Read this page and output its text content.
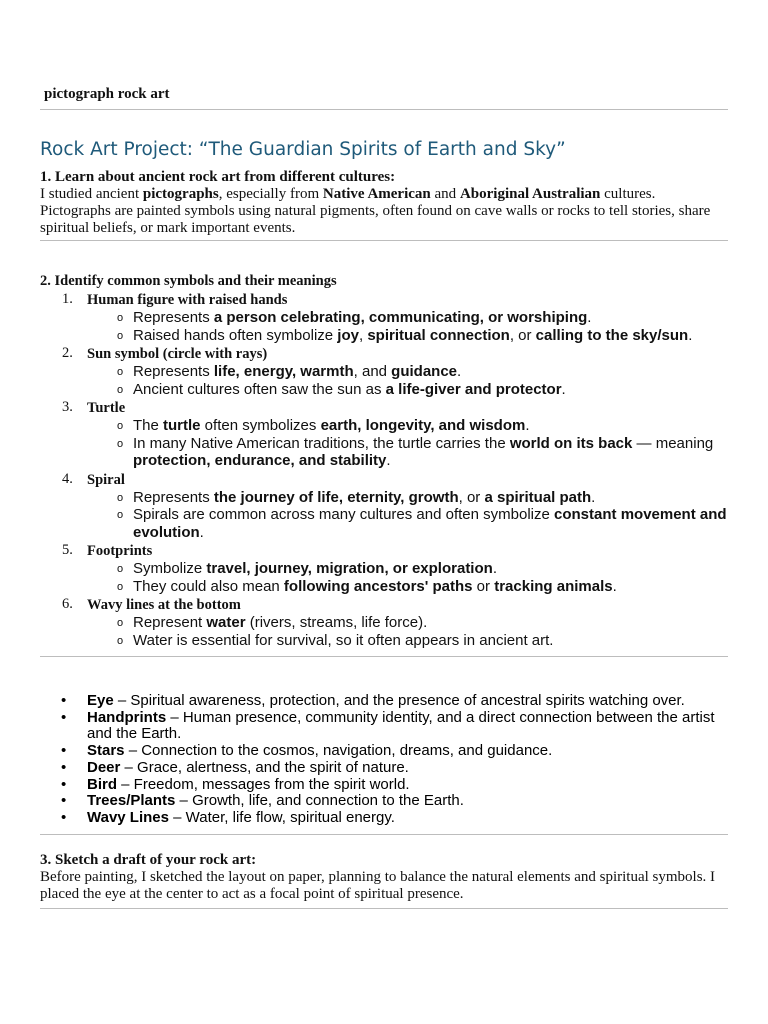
pictograph rock art
Rock Art Project: “The Guardian Spirits of Earth and Sky”
1. Learn about ancient rock art from different cultures:
I studied ancient pictographs, especially from Native American and Aboriginal Australian cultures.
Pictographs are painted symbols using natural pigments, often found on cave walls or rocks to tell stories, share spiritual beliefs, or mark important events.
2. Identify common symbols and their meanings
1. Human figure with raised hands
o Represents a person celebrating, communicating, or worshiping.
o Raised hands often symbolize joy, spiritual connection, or calling to the sky/sun.
2. Sun symbol (circle with rays)
o Represents life, energy, warmth, and guidance.
o Ancient cultures often saw the sun as a life-giver and protector.
3. Turtle
o The turtle often symbolizes earth, longevity, and wisdom.
o In many Native American traditions, the turtle carries the world on its back — meaning protection, endurance, and stability.
4. Spiral
o Represents the journey of life, eternity, growth, or a spiritual path.
o Spirals are common across many cultures and often symbolize constant movement and evolution.
5. Footprints
o Symbolize travel, journey, migration, or exploration.
o They could also mean following ancestors' paths or tracking animals.
6. Wavy lines at the bottom
o Represent water (rivers, streams, life force).
o Water is essential for survival, so it often appears in ancient art.
• Eye – Spiritual awareness, protection, and the presence of ancestral spirits watching over.
• Handprints – Human presence, community identity, and a direct connection between the artist and the Earth.
• Stars – Connection to the cosmos, navigation, dreams, and guidance.
• Deer – Grace, alertness, and the spirit of nature.
• Bird – Freedom, messages from the spirit world.
• Trees/Plants – Growth, life, and connection to the Earth.
• Wavy Lines – Water, life flow, spiritual energy.
3. Sketch a draft of your rock art:
Before painting, I sketched the layout on paper, planning to balance the natural elements and spiritual symbols. I placed the eye at the center to act as a focal point of spiritual presence.
